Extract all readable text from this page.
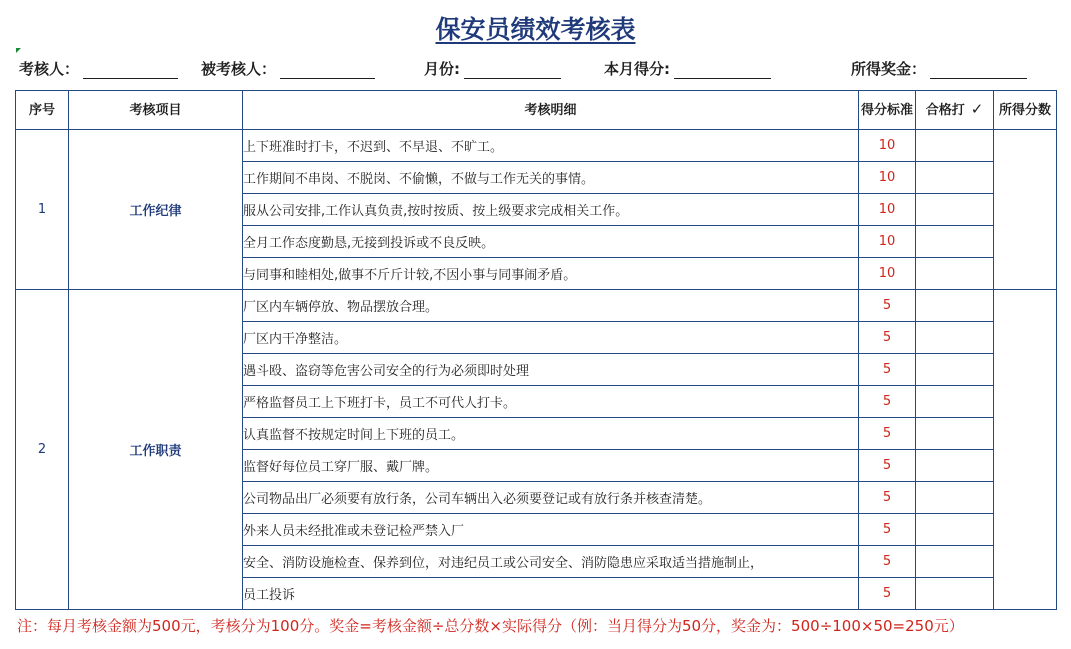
保安员绩效考核表
考核人：	被考核人：	月份:	本月得分:	所得奖金：
序号	考核项目	考核明细	得分标准	合格打 ✓	所得分数
1	工作纪律	上下班准时打卡，不迟到、不早退、不旷工。	10		
		工作期间不串岗、不脱岗、不偷懒，不做与工作无关的事情。	10		
		服从公司安排,工作认真负责,按时按质、按上级要求完成相关工作。	10		
		全月工作态度勤恳,无接到投诉或不良反映。	10		
		与同事和睦相处,做事不斤斤计较,不因小事与同事闹矛盾。	10		
2	工作职责	厂区内车辆停放、物品摆放合理。	5		
		厂区内干净整洁。	5		
		遇斗殴、盗窃等危害公司安全的行为必须即时处理	5		
		严格监督员工上下班打卡，员工不可代人打卡。	5		
		认真监督不按规定时间上下班的员工。	5		
		监督好每位员工穿厂服、戴厂牌。	5		
		公司物品出厂必须要有放行条，公司车辆出入必须要登记或有放行条并核查清楚。	5		
		外来人员未经批准或未登记检严禁入厂	5		
		安全、消防设施检查、保养到位，对违纪员工或公司安全、消防隐患应采取适当措施制止，	5		
		员工投诉	5		
注：每月考核金额为500元，考核分为100分。奖金=考核金额÷总分数×实际得分（例：当月得分为50分，奖金为：500÷100×50=250元）
